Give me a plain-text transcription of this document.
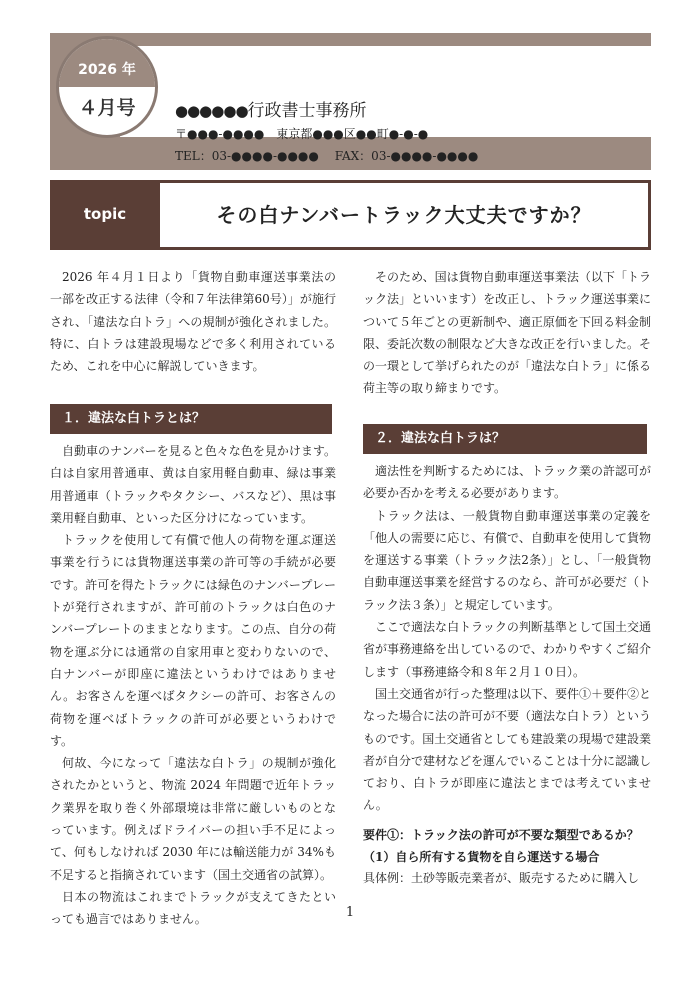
2026 年
４月号	●●●●●●行政書士事務所
〒●●●-●●●●　東京都●●●区●●町●-●-●
TEL：03-●●●●-●●●●　 FAX：03-●●●●-●●●●
topic	その白ナンバートラック大丈夫ですか？

2026 年４月１日より「貨物自動車運送事業法の一部を改正する法律（令和７年法律第60号）」が施行され、「違法な白トラ」への規制が強化されました。特に、白トラは建設現場などで多く利用されているため、これを中心に解説していきます。

１．違法な白トラとは？

自動車のナンバーを見ると色々な色を見かけます。白は自家用普通車、黄は自家用軽自動車、緑は事業用普通車（トラックやタクシー、バスなど）、黒は事業用軽自動車、といった区分けになっています。

トラックを使用して有償で他人の荷物を運ぶ運送事業を行うには貨物運送事業の許可等の手続が必要です。許可を得たトラックには緑色のナンバープレートが発行されますが、許可前のトラックは白色のナンバープレートのままとなります。この点、自分の荷物を運ぶ分には通常の自家用車と変わりないので、白ナンバーが即座に違法というわけではありません。お客さんを運べばタクシーの許可、お客さんの荷物を運べばトラックの許可が必要というわけです。

何故、今になって「違法な白トラ」の規制が強化されたかというと、物流 2024 年問題で近年トラック業界を取り巻く外部環境は非常に厳しいものとなっています。例えばドライバーの担い手不足によって、何もしなければ 2030 年には輸送能力が 34%も不足すると指摘されています（国土交通省の試算）。

日本の物流はこれまでトラックが支えてきたといっても過言ではありません。

そのため、国は貨物自動車運送事業法（以下「トラック法」といいます）を改正し、トラック運送事業について５年ごとの更新制や、適正原価を下回る料金制限、委託次数の制限など大きな改正を行いました。その一環として挙げられたのが「違法な白トラ」に係る荷主等の取り締まりです。

２．違法な白トラは？

適法性を判断するためには、トラック業の許認可が必要か否かを考える必要があります。

トラック法は、一般貨物自動車運送事業の定義を「他人の需要に応じ、有償で、自動車を使用して貨物を運送する事業（トラック法2条）」とし、「一般貨物自動車運送事業を経営するのなら、許可が必要だ（トラック法３条）」と規定しています。

ここで適法な白トラックの判断基準として国土交通省が事務連絡を出しているので、わかりやすくご紹介します（事務連絡令和８年２月１０日）。

国土交通省が行った整理は以下、要件①＋要件②となった場合に法の許可が不要（適法な白トラ）というものです。国土交通省としても建設業の現場で建設業者が自分で建材などを運んでいることは十分に認識しており、白トラが即座に違法とまでは考えていません。

要件①：トラック法の許可が不要な類型であるか？
（1）自ら所有する貨物を自ら運送する場合
具体例：土砂等販売業者が、販売するために購入し
1
